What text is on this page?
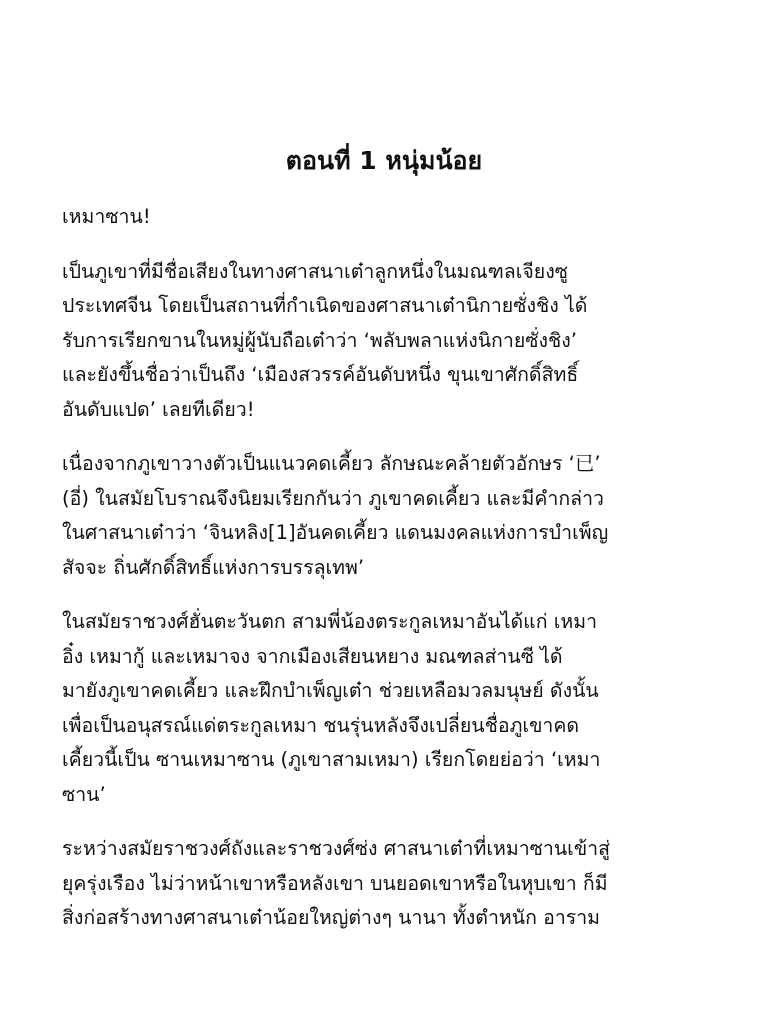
ตอนที่ 1 หนุ่มน้อย
เหมาซาน!
เป็นภูเขาที่มีชื่อเสียงในทางศาสนาเต๋าลูกหนึ่งในมณฑลเจียงซู
ประเทศจีน โดยเป็นสถานที่กำเนิดของศาสนาเต๋านิกายซั่งชิง ได้
รับการเรียกขานในหมู่ผู้นับถือเต๋าว่า ‘พลับพลาแห่งนิกายซั่งชิง’
และยังขึ้นชื่อว่าเป็นถึง ‘เมืองสวรรค์อันดับหนึ่ง ขุนเขาศักดิ์สิทธิ์
อันดับแปด’ เลยทีเดียว!
เนื่องจากภูเขาวางตัวเป็นแนวคดเคี้ยว ลักษณะคล้ายตัวอักษร ‘已’
(อี่) ในสมัยโบราณจึงนิยมเรียกกันว่า ภูเขาคดเคี้ยว และมีคำกล่าว
ในศาสนาเต๋าว่า ‘จินหลิง[1]อันคดเคี้ยว แดนมงคลแห่งการบำเพ็ญ
สัจจะ ถิ่นศักดิ์สิทธิ์แห่งการบรรลุเทพ’
ในสมัยราชวงศ์ฮั่นตะวันตก สามพี่น้องตระกูลเหมาอันได้แก่ เหมา
อิ๋ง เหมากู้ และเหมาจง จากเมืองเสียนหยาง มณฑลส่านซี ได้
มายังภูเขาคดเคี้ยว และฝึกบำเพ็ญเต๋า ช่วยเหลือมวลมนุษย์ ดังนั้น
เพื่อเป็นอนุสรณ์แด่ตระกูลเหมา ชนรุ่นหลังจึงเปลี่ยนชื่อภูเขาคด
เคี้ยวนี้เป็น ซานเหมาซาน (ภูเขาสามเหมา) เรียกโดยย่อว่า ‘เหมา
ซาน’
ระหว่างสมัยราชวงศ์ถังและราชวงศ์ซ่ง ศาสนาเต๋าที่เหมาซานเข้าสู่
ยุครุ่งเรือง ไม่ว่าหน้าเขาหรือหลังเขา บนยอดเขาหรือในหุบเขา ก็มี
สิ่งก่อสร้างทางศาสนาเต๋าน้อยใหญ่ต่างๆ นานา ทั้งตำหนัก อาราม
